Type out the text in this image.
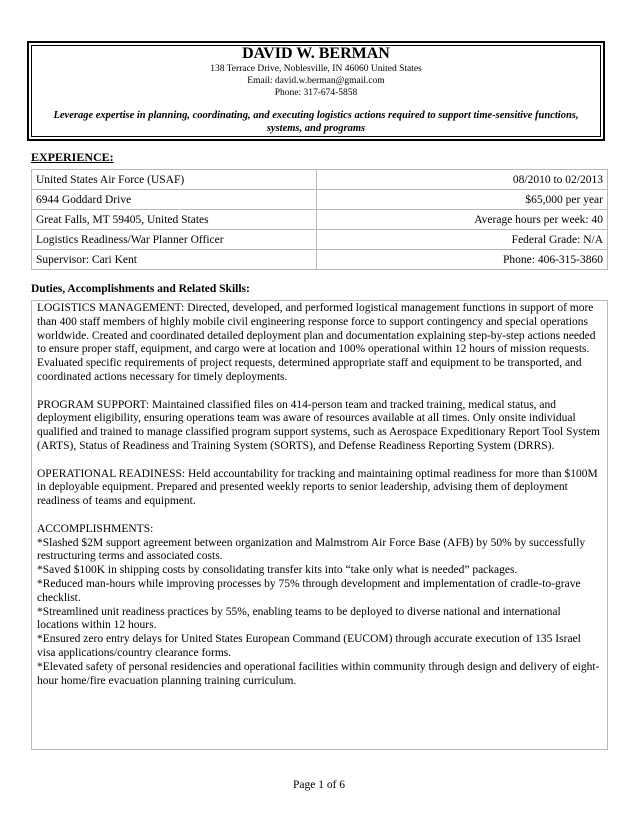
DAVID W. BERMAN
138 Terrace Drive, Noblesville, IN 46060 United States
Email: david.w.berman@gmail.com
Phone: 317-674-5858
Leverage expertise in planning, coordinating, and executing logistics actions required to support time-sensitive functions, systems, and programs
EXPERIENCE:
United States Air Force (USAF)	08/2010 to 02/2013
6944 Goddard Drive	$65,000 per year
Great Falls, MT 59405, United States	Average hours per week: 40
Logistics Readiness/War Planner Officer	Federal Grade: N/A
Supervisor: Cari Kent	Phone: 406-315-3860
Duties, Accomplishments and Related Skills:

LOGISTICS MANAGEMENT: Directed, developed, and performed logistical management functions in support of more than 400 staff members of highly mobile civil engineering response force to support contingency and special operations worldwide. Created and coordinated detailed deployment plan and documentation explaining step-by-step actions needed to ensure proper staff, equipment, and cargo were at location and 100% operational within 12 hours of mission requests. Evaluated specific requirements of project requests, determined appropriate staff and equipment to be transported, and coordinated actions necessary for timely deployments.

PROGRAM SUPPORT: Maintained classified files on 414-person team and tracked training, medical status, and deployment eligibility, ensuring operations team was aware of resources available at all times. Only onsite individual qualified and trained to manage classified program support systems, such as Aerospace Expeditionary Report Tool System (ARTS), Status of Readiness and Training System (SORTS), and Defense Readiness Reporting System (DRRS).

OPERATIONAL READINESS: Held accountability for tracking and maintaining optimal readiness for more than $100M in deployable equipment. Prepared and presented weekly reports to senior leadership, advising them of deployment readiness of teams and equipment.

ACCOMPLISHMENTS:
*Slashed $2M support agreement between organization and Malmstrom Air Force Base (AFB) by 50% by successfully restructuring terms and associated costs.
*Saved $100K in shipping costs by consolidating transfer kits into “take only what is needed” packages.
*Reduced man-hours while improving processes by 75% through development and implementation of cradle-to-grave checklist.
*Streamlined unit readiness practices by 55%, enabling teams to be deployed to diverse national and international locations within 12 hours.
*Ensured zero entry delays for United States European Command (EUCOM) through accurate execution of 135 Israel visa applications/country clearance forms.
*Elevated safety of personal residencies and operational facilities within community through design and delivery of eight-hour home/fire evacuation planning training curriculum.
Page 1 of 6
